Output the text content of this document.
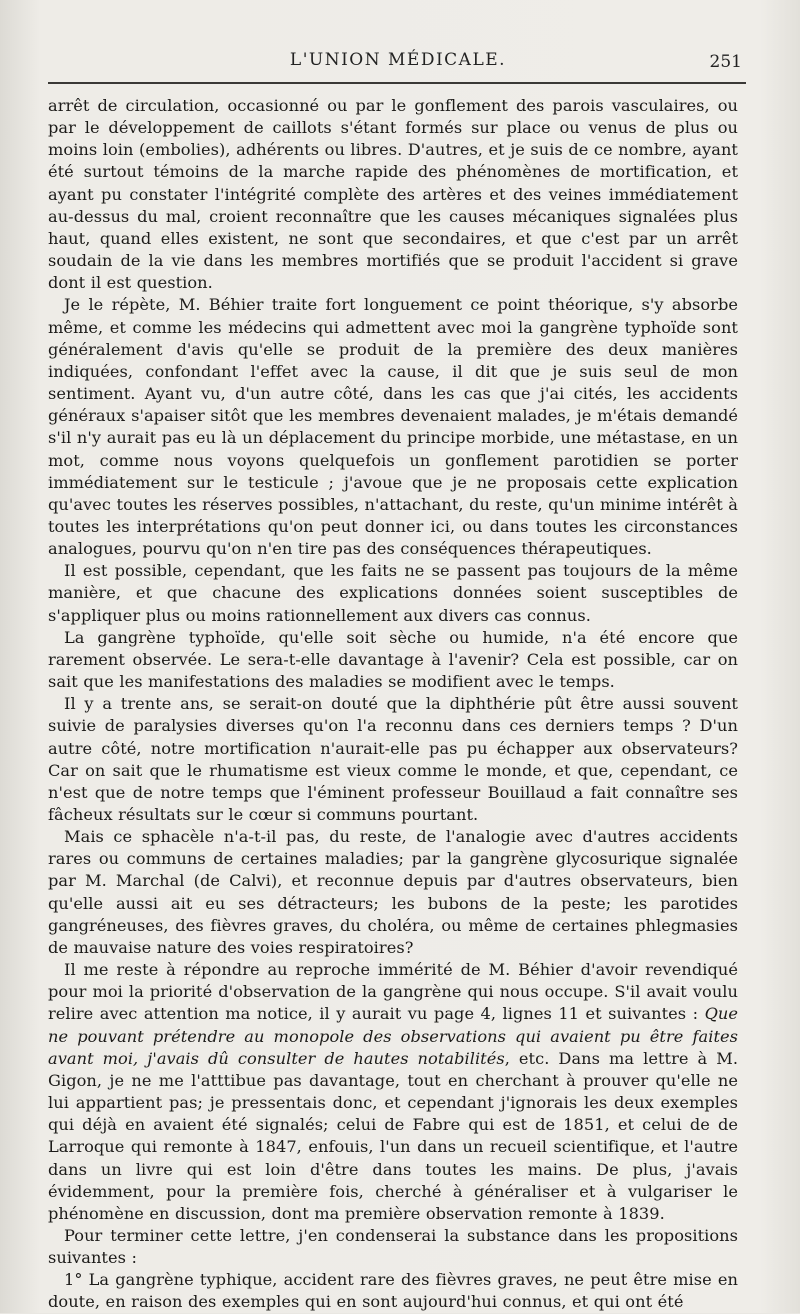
L'UNION MÉDICALE.	251

arrêt de circulation, occasionné ou par le gonflement des parois vasculaires, ou par le développement de caillots s'étant formés sur place ou venus de plus ou moins loin (embolies), adhérents ou libres. D'autres, et je suis de ce nombre, ayant été surtout témoins de la marche rapide des phénomènes de mortification, et ayant pu constater l'intégrité complète des artères et des veines immédiatement au-dessus du mal, croient reconnaître que les causes mécaniques signalées plus haut, quand elles existent, ne sont que secondaires, et que c'est par un arrêt soudain de la vie dans les membres mortifiés que se produit l'accident si grave dont il est question.

Je le répète, M. Béhier traite fort longuement ce point théorique, s'y absorbe même, et comme les médecins qui admettent avec moi la gangrène typhoïde sont généralement d'avis qu'elle se produit de la première des deux manières indiquées, confondant l'effet avec la cause, il dit que je suis seul de mon sentiment. Ayant vu, d'un autre côté, dans les cas que j'ai cités, les accidents généraux s'apaiser sitôt que les membres devenaient malades, je m'étais demandé s'il n'y aurait pas eu là un déplacement du principe morbide, une métastase, en un mot, comme nous voyons quelquefois un gonflement parotidien se porter immédiatement sur le testicule ; j'avoue que je ne proposais cette explication qu'avec toutes les réserves possibles, n'attachant, du reste, qu'un minime intérêt à toutes les interprétations qu'on peut donner ici, ou dans toutes les circonstances analogues, pourvu qu'on n'en tire pas des conséquences thérapeutiques.

Il est possible, cependant, que les faits ne se passent pas toujours de la même manière, et que chacune des explications données soient susceptibles de s'appliquer plus ou moins rationnellement aux divers cas connus.

La gangrène typhoïde, qu'elle soit sèche ou humide, n'a été encore que rarement observée. Le sera-t-elle davantage à l'avenir? Cela est possible, car on sait que les manifestations des maladies se modifient avec le temps.

Il y a trente ans, se serait-on douté que la diphthérie pût être aussi souvent suivie de paralysies diverses qu'on l'a reconnu dans ces derniers temps ? D'un autre côté, notre mortification n'aurait-elle pas pu échapper aux observateurs? Car on sait que le rhumatisme est vieux comme le monde, et que, cependant, ce n'est que de notre temps que l'éminent professeur Bouillaud a fait connaître ses fâcheux résultats sur le cœur si communs pourtant.

Mais ce sphacèle n'a-t-il pas, du reste, de l'analogie avec d'autres accidents rares ou communs de certaines maladies; par la gangrène glycosurique signalée par M. Marchal (de Calvi), et reconnue depuis par d'autres observateurs, bien qu'elle aussi ait eu ses détracteurs; les bubons de la peste; les parotides gangréneuses, des fièvres graves, du choléra, ou même de certaines phlegmasies de mauvaise nature des voies respiratoires?

Il me reste à répondre au reproche immérité de M. Béhier d'avoir revendiqué pour moi la priorité d'observation de la gangrène qui nous occupe. S'il avait voulu relire avec attention ma notice, il y aurait vu page 4, lignes 11 et suivantes : Que ne pouvant prétendre au monopole des observations qui avaient pu être faites avant moi, j'avais dû consulter de hautes notabilités, etc. Dans ma lettre à M. Gigon, je ne me l'atttibue pas davantage, tout en cherchant à prouver qu'elle ne lui appartient pas; je pressentais donc, et cependant j'ignorais les deux exemples qui déjà en avaient été signalés; celui de Fabre qui est de 1851, et celui de de Larroque qui remonte à 1847, enfouis, l'un dans un recueil scientifique, et l'autre dans un livre qui est loin d'être dans toutes les mains. De plus, j'avais évidemment, pour la première fois, cherché à généraliser et à vulgariser le phénomène en discussion, dont ma première observation remonte à 1839.

Pour terminer cette lettre, j'en condenserai la substance dans les propositions suivantes :

1° La gangrène typhique, accident rare des fièvres graves, ne peut être mise en doute, en raison des exemples qui en sont aujourd'hui connus, et qui ont été
